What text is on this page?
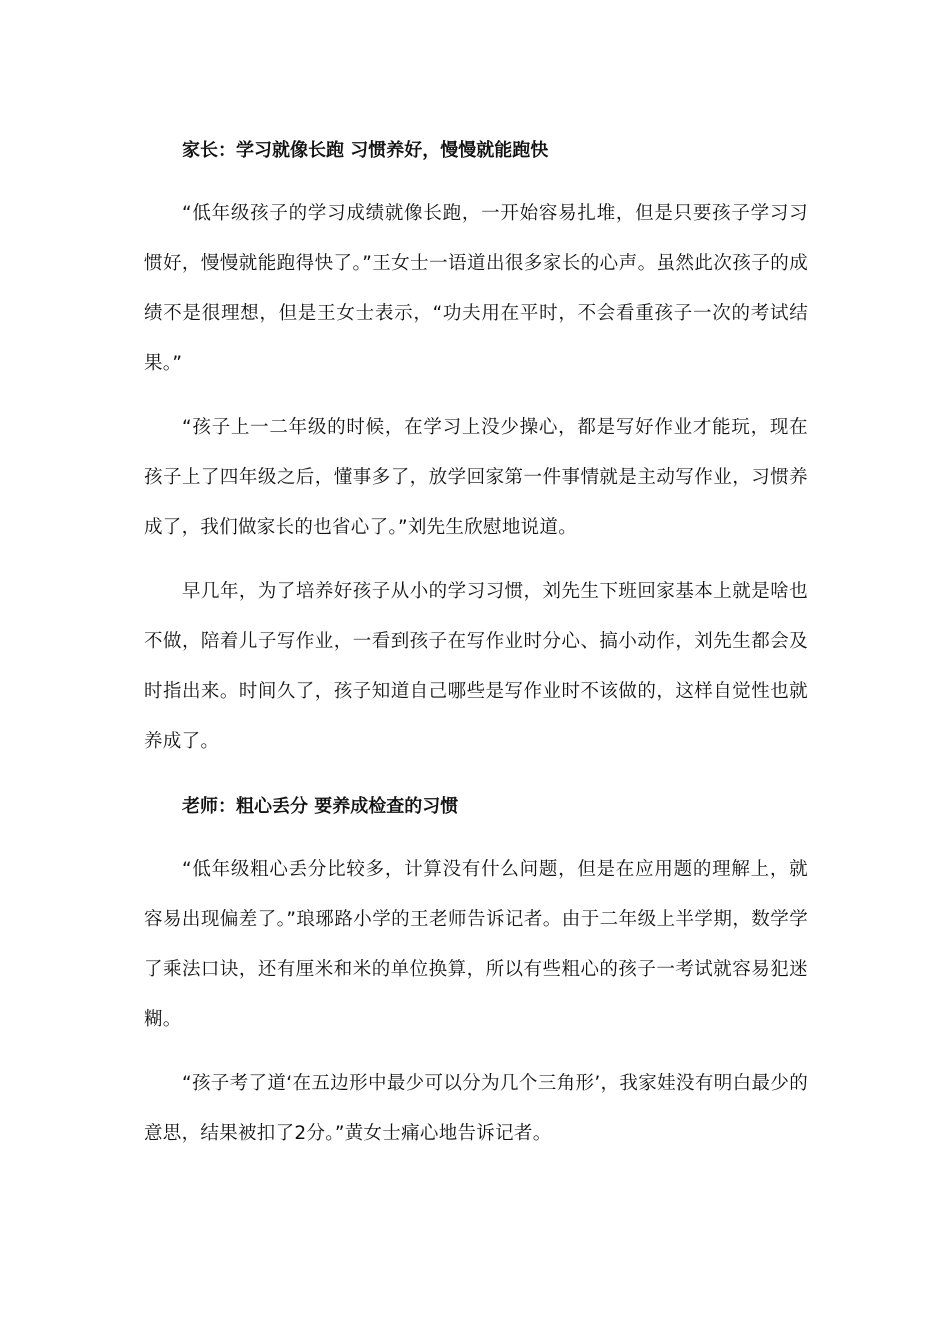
家长：学习就像长跑 习惯养好，慢慢就能跑快

“低年级孩子的学习成绩就像长跑，一开始容易扎堆，但是只要孩子学习习惯好，慢慢就能跑得快了。”王女士一语道出很多家长的心声。虽然此次孩子的成绩不是很理想，但是王女士表示，“功夫用在平时，不会看重孩子一次的考试结果。”

“孩子上一二年级的时候，在学习上没少操心，都是写好作业才能玩，现在孩子上了四年级之后，懂事多了，放学回家第一件事情就是主动写作业，习惯养成了，我们做家长的也省心了。”刘先生欣慰地说道。

早几年，为了培养好孩子从小的学习习惯，刘先生下班回家基本上就是啥也不做，陪着儿子写作业，一看到孩子在写作业时分心、搞小动作，刘先生都会及时指出来。时间久了，孩子知道自己哪些是写作业时不该做的，这样自觉性也就养成了。

老师：粗心丢分 要养成检查的习惯

“低年级粗心丢分比较多，计算没有什么问题，但是在应用题的理解上，就容易出现偏差了。”琅琊路小学的王老师告诉记者。由于二年级上半学期，数学学了乘法口诀，还有厘米和米的单位换算，所以有些粗心的孩子一考试就容易犯迷糊。

“孩子考了道‘在五边形中最少可以分为几个三角形’，我家娃没有明白最少的意思，结果被扣了2分。”黄女士痛心地告诉记者。
